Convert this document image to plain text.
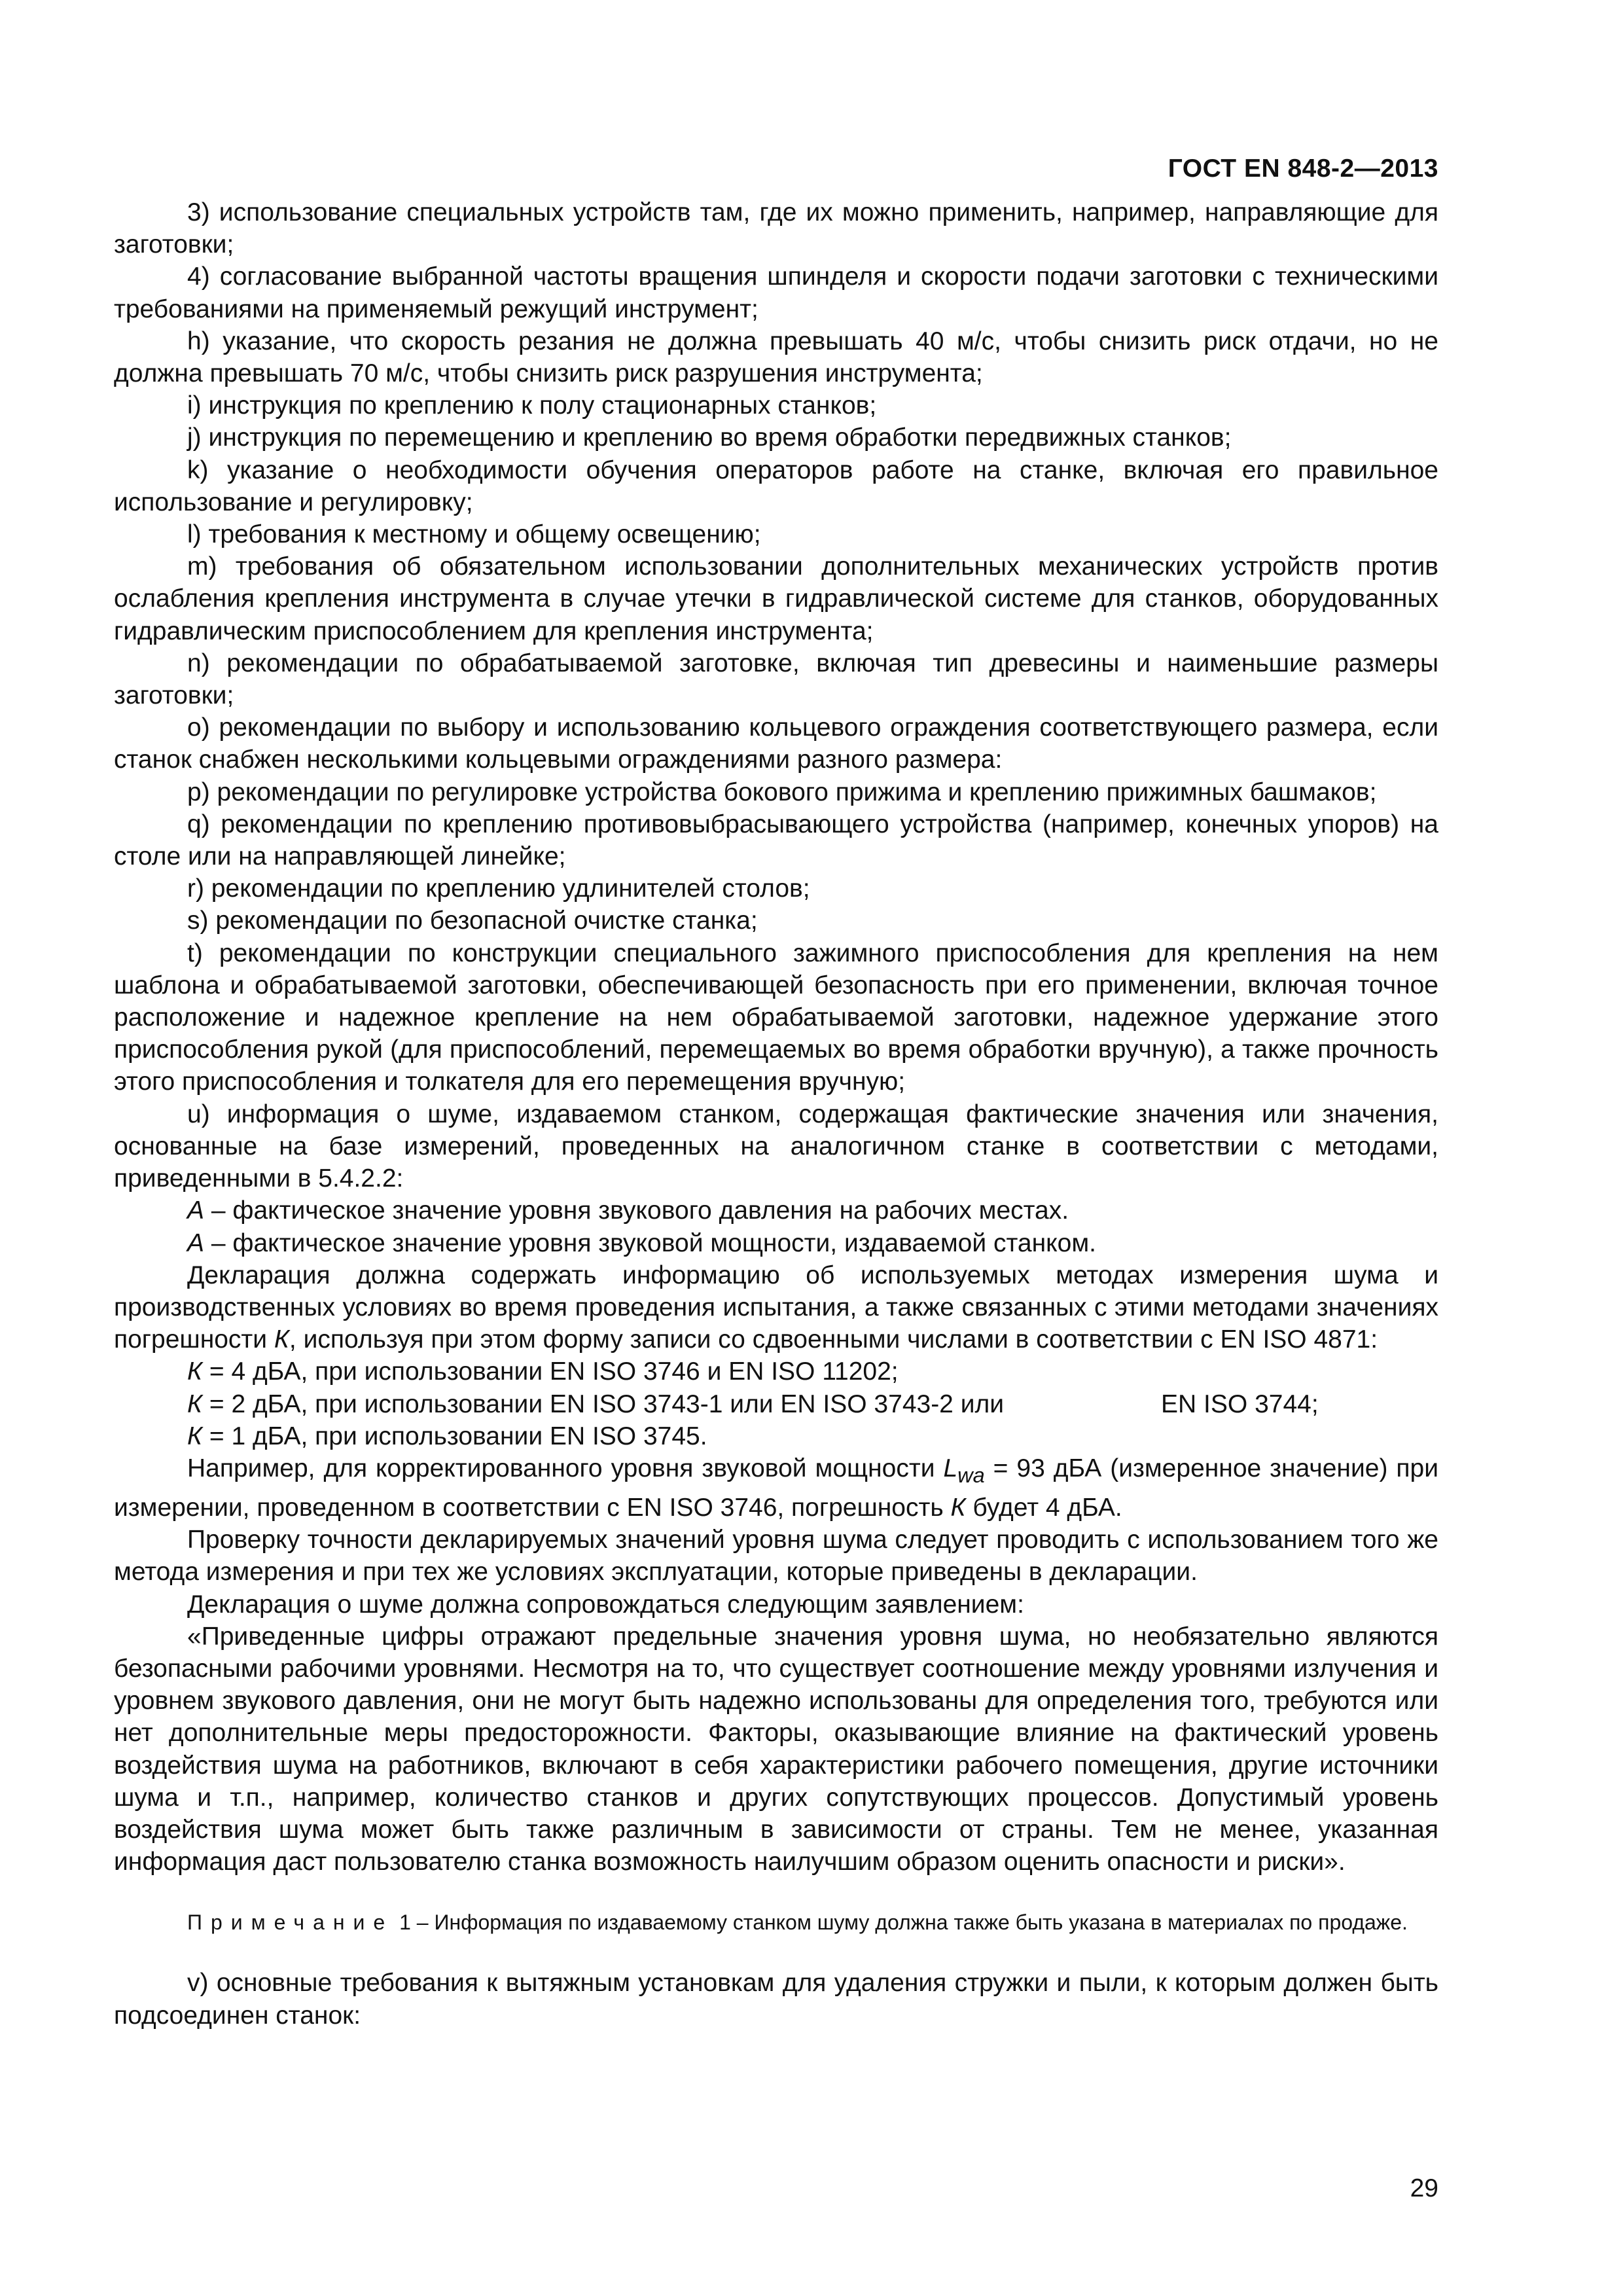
ГОСТ EN 848-2—2013

3) использование специальных устройств там, где их можно применить, например, направляющие для заготовки;

4) согласование выбранной частоты вращения шпинделя и скорости подачи заготовки с техническими требованиями на применяемый режущий инструмент;

h) указание, что скорость резания не должна превышать 40 м/с, чтобы снизить риск отдачи, но не должна превышать 70 м/с, чтобы снизить риск разрушения инструмента;

i) инструкция по креплению к полу стационарных станков;

j) инструкция по перемещению и креплению во время обработки передвижных станков;

k) указание о необходимости обучения операторов работе на станке, включая его правильное использование и регулировку;

l) требования к местному и общему освещению;

m) требования об обязательном использовании дополнительных механических устройств против ослабления крепления инструмента в случае утечки в гидравлической системе для станков, оборудованных гидравлическим приспособлением для крепления инструмента;

n) рекомендации по обрабатываемой заготовке, включая тип древесины и наименьшие размеры заготовки;

o) рекомендации по выбору и использованию кольцевого ограждения соответствующего размера, если станок снабжен несколькими кольцевыми ограждениями разного размера:

p) рекомендации по регулировке устройства бокового прижима и креплению прижимных башмаков;

q) рекомендации по креплению противовыбрасывающего устройства (например, конечных упоров) на столе или на направляющей линейке;

r) рекомендации по креплению удлинителей столов;

s) рекомендации по безопасной очистке станка;

t) рекомендации по конструкции специального зажимного приспособления для крепления на нем шаблона и обрабатываемой заготовки, обеспечивающей безопасность при его применении, включая точное расположение и надежное крепление на нем обрабатываемой заготовки, надежное удержание этого приспособления рукой (для приспособлений, перемещаемых во время обработки вручную), а также прочность этого приспособления и толкателя для его перемещения вручную;

u) информация о шуме, издаваемом станком, содержащая фактические значения или значения, основанные на базе измерений, проведенных на аналогичном станке в соответствии с методами, приведенными в 5.4.2.2:

А – фактическое значение уровня звукового давления на рабочих местах.

А – фактическое значение уровня звуковой мощности, издаваемой станком.

Декларация должна содержать информацию об используемых методах измерения шума и производственных условиях во время проведения испытания, а также связанных с этими методами значениях погрешности К, используя при этом форму записи со сдвоенными числами в соответствии с EN ISO 4871:

К = 4 дБА, при использовании EN ISO 3746 и EN ISO 11202;

К = 2 дБА, при использовании EN ISO 3743-1 или EN ISO 3743-2 или	EN ISO 3744;

К = 1 дБА, при использовании EN ISO 3745.

Например, для корректированного уровня звуковой мощности $L_{wa} = 93$ дБА (измеренное значение) при измерении, проведенном в соответствии с EN ISO 3746, погрешность К будет 4 дБА.

Проверку точности декларируемых значений уровня шума следует проводить с использованием того же метода измерения и при тех же условиях эксплуатации, которые приведены в декларации.

Декларация о шуме должна сопровождаться следующим заявлением:

«Приведенные цифры отражают предельные значения уровня шума, но необязательно являются безопасными рабочими уровнями. Несмотря на то, что существует соотношение между уровнями излучения и уровнем звукового давления, они не могут быть надежно использованы для определения того, требуются или нет дополнительные меры предосторожности. Факторы, оказывающие влияние на фактический уровень воздействия шума на работников, включают в себя характеристики рабочего помещения, другие источники шума и т.п., например, количество станков и других сопутствующих процессов. Допустимый уровень воздействия шума может быть также различным в зависимости от страны. Тем не менее, указанная информация даст пользователю станка возможность наилучшим образом оценить опасности и риски».

Примечание 1 – Информация по издаваемому станком шуму должна также быть указана в материалах по продаже.

v) основные требования к вытяжным установкам для удаления стружки и пыли, к которым должен быть подсоединен станок:

29
